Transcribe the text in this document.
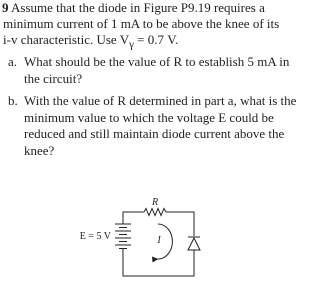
9 Assume that the diode in Figure P9.19 requires a
minimum current of 1 mA to be above the knee of its
i-v characteristic. Use $V_\gamma = 0.7$ V.

a. What should be the value of R to establish 5 mA in the circuit?
b. With the value of R determined in part a, what is the minimum value to which the voltage E could be reduced and still maintain diode current above the knee?
R
E = 5 V	I
